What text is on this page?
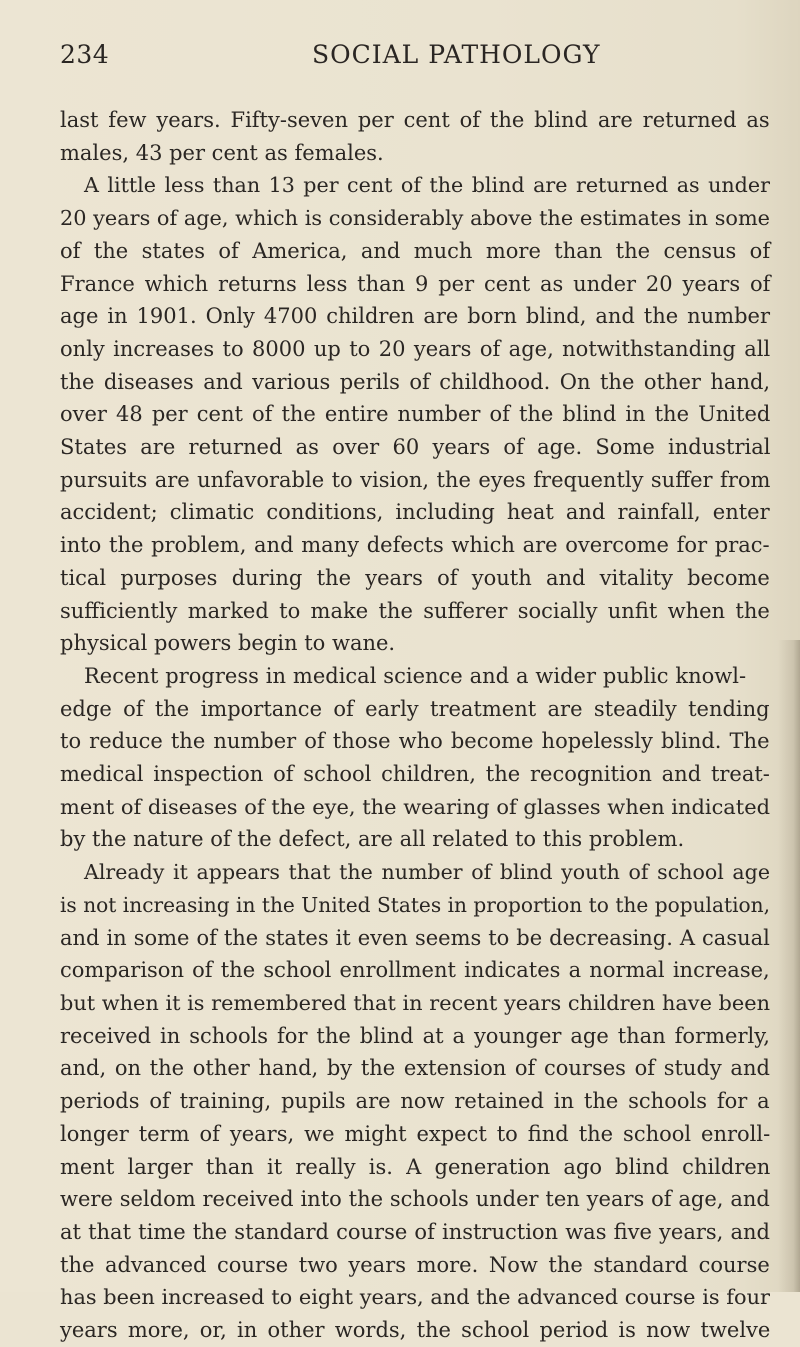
234	SOCIAL PATHOLOGY
last few years. Fifty-seven per cent of the blind are returned as
males, 43 per cent as females.
A little less than 13 per cent of the blind are returned as under
20 years of age, which is considerably above the estimates in some
of the states of America, and much more than the census of
France which returns less than 9 per cent as under 20 years of
age in 1901. Only 4700 children are born blind, and the number
only increases to 8000 up to 20 years of age, notwithstanding all
the diseases and various perils of childhood. On the other hand,
over 48 per cent of the entire number of the blind in the United
States are returned as over 60 years of age. Some industrial
pursuits are unfavorable to vision, the eyes frequently suffer from
accident; climatic conditions, including heat and rainfall, enter
into the problem, and many defects which are overcome for prac-
tical purposes during the years of youth and vitality become
sufficiently marked to make the sufferer socially unfit when the
physical powers begin to wane.
Recent progress in medical science and a wider public knowl-
edge of the importance of early treatment are steadily tending
to reduce the number of those who become hopelessly blind. The
medical inspection of school children, the recognition and treat-
ment of diseases of the eye, the wearing of glasses when indicated
by the nature of the defect, are all related to this problem.
Already it appears that the number of blind youth of school age
is not increasing in the United States in proportion to the population,
and in some of the states it even seems to be decreasing. A casual
comparison of the school enrollment indicates a normal increase,
but when it is remembered that in recent years children have been
received in schools for the blind at a younger age than formerly,
and, on the other hand, by the extension of courses of study and
periods of training, pupils are now retained in the schools for a
longer term of years, we might expect to find the school enroll-
ment larger than it really is. A generation ago blind children
were seldom received into the schools under ten years of age, and
at that time the standard course of instruction was five years, and
the advanced course two years more. Now the standard course
has been increased to eight years, and the advanced course is four
years more, or, in other words, the school period is now twelve
